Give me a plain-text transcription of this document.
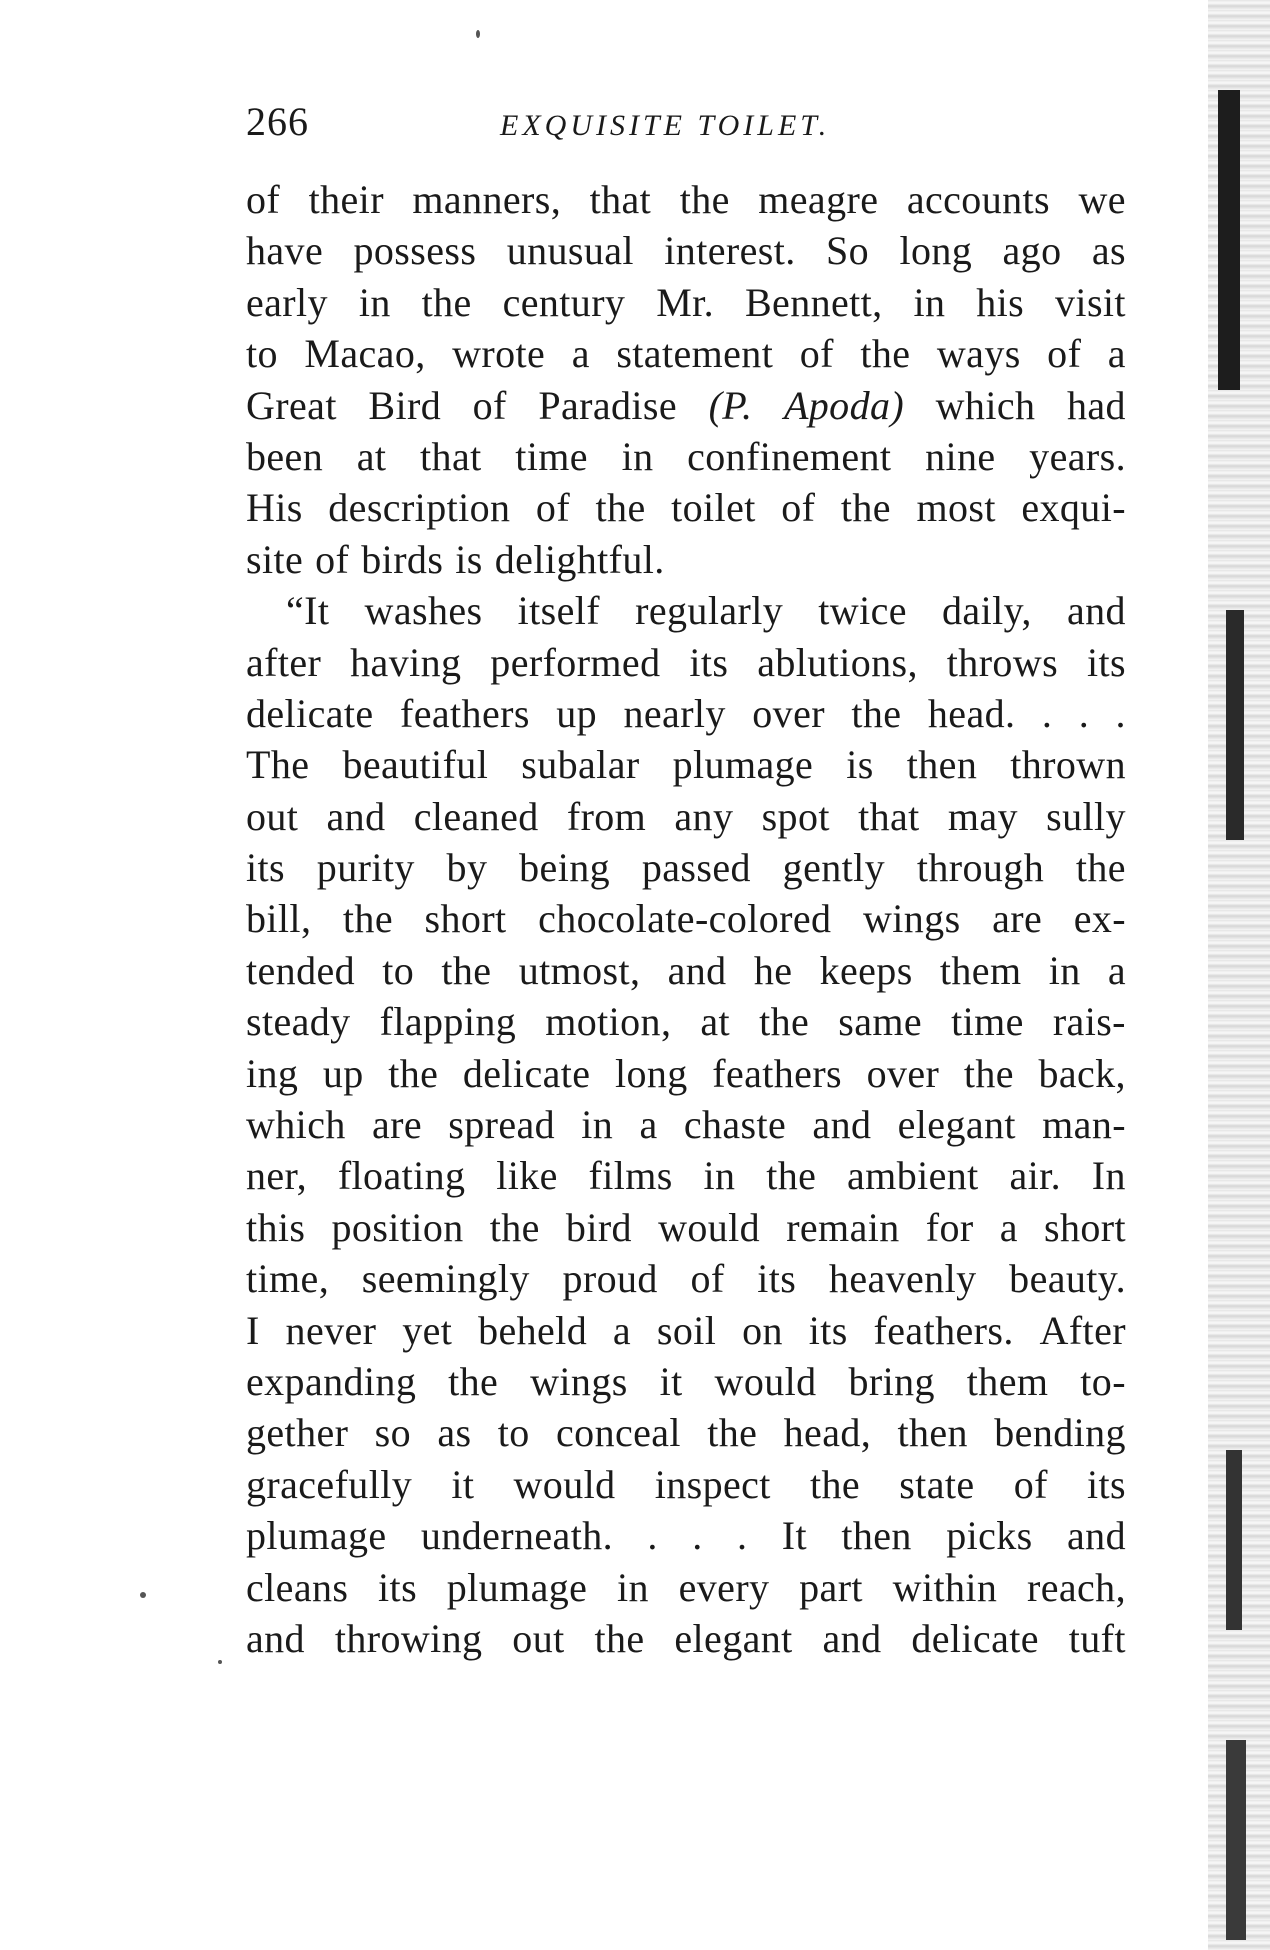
266	EXQUISITE TOILET.
of their manners, that the meagre accounts we
have possess unusual interest. So long ago as
early in the century Mr. Bennett, in his visit
to Macao, wrote a statement of the ways of a
Great Bird of Paradise (P. Apoda) which had
been at that time in confinement nine years.
His description of the toilet of the most exqui-
site of birds is delightful.
“It washes itself regularly twice daily, and
after having performed its ablutions, throws its
delicate feathers up nearly over the head. . . .
The beautiful subalar plumage is then thrown
out and cleaned from any spot that may sully
its purity by being passed gently through the
bill, the short chocolate-colored wings are ex-
tended to the utmost, and he keeps them in a
steady flapping motion, at the same time rais-
ing up the delicate long feathers over the back,
which are spread in a chaste and elegant man-
ner, floating like films in the ambient air. In
this position the bird would remain for a short
time, seemingly proud of its heavenly beauty.
I never yet beheld a soil on its feathers. After
expanding the wings it would bring them to-
gether so as to conceal the head, then bending
gracefully it would inspect the state of its
plumage underneath. . . . It then picks and
cleans its plumage in every part within reach,
and throwing out the elegant and delicate tuft
